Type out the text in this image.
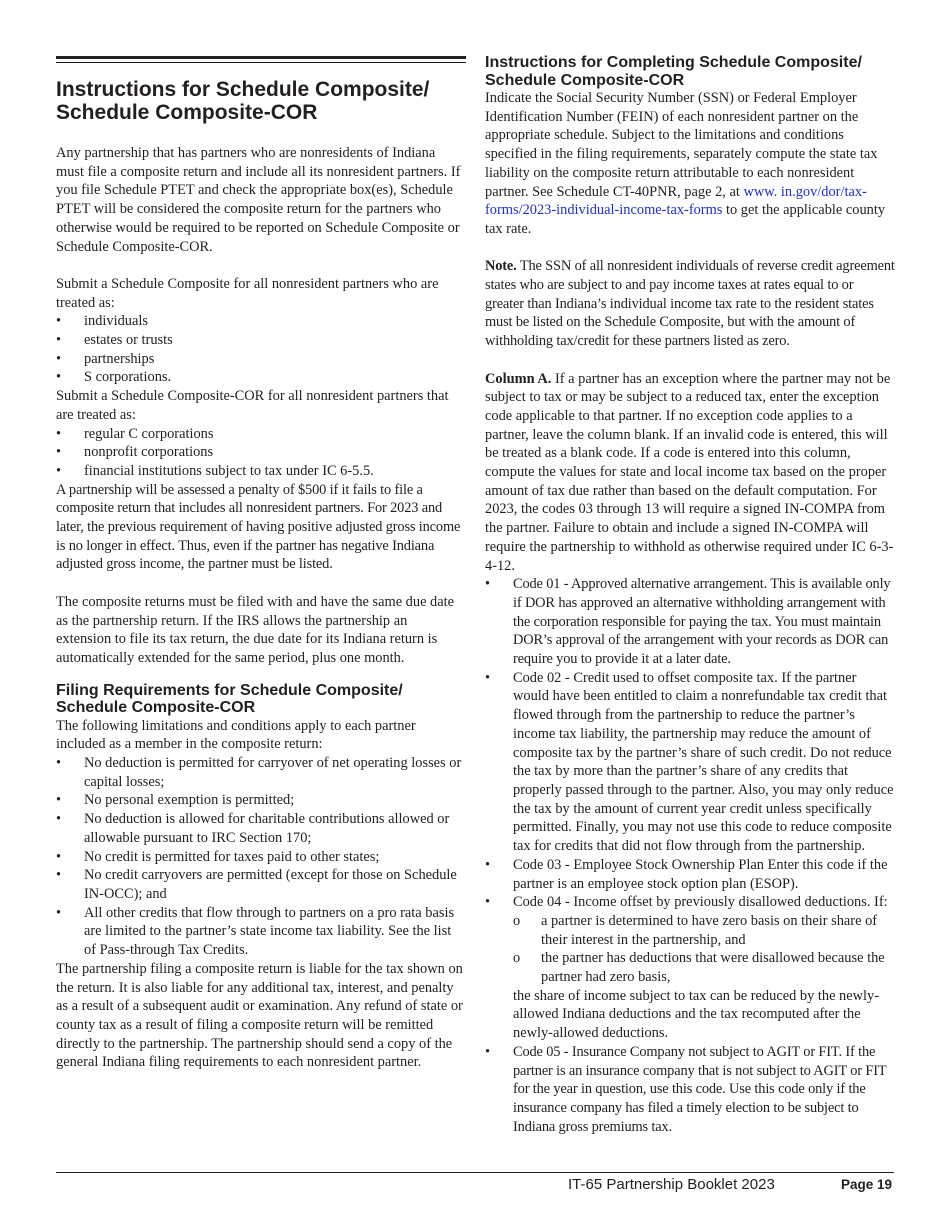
Instructions for Schedule Composite/ Schedule Composite-COR

Any partnership that has partners who are nonresidents of Indiana must file a composite return and include all its nonresident partners. If you file Schedule PTET and check the appropriate box(es), Schedule PTET will be considered the composite return for the partners who otherwise would be required to be reported on Schedule Composite or Schedule Composite-COR.

Submit a Schedule Composite for all nonresident partners who are treated as:

• individuals
• estates or trusts
• partnerships
• S corporations.

Submit a Schedule Composite-COR for all nonresident partners that are treated as:

• regular C corporations
• nonprofit corporations
• financial institutions subject to tax under IC 6-5.5.

A partnership will be assessed a penalty of $500 if it fails to file a composite return that includes all nonresident partners. For 2023 and later, the previous requirement of having positive adjusted gross income is no longer in effect. Thus, even if the partner has negative Indiana adjusted gross income, the partner must be listed.

The composite returns must be filed with and have the same due date as the partnership return. If the IRS allows the partnership an extension to file its tax return, the due date for its Indiana return is automatically extended for the same period, plus one month.

Filing Requirements for Schedule Composite/ Schedule Composite-COR

The following limitations and conditions apply to each partner included as a member in the composite return:

• No deduction is permitted for carryover of net operating losses or capital losses;
• No personal exemption is permitted;
• No deduction is allowed for charitable contributions allowed or allowable pursuant to IRC Section 170;
• No credit is permitted for taxes paid to other states;
• No credit carryovers are permitted (except for those on Schedule IN-OCC); and
• All other credits that flow through to partners on a pro rata basis are limited to the partner’s state income tax liability. See the list of Pass-through Tax Credits.

The partnership filing a composite return is liable for the tax shown on the return. It is also liable for any additional tax, interest, and penalty as a result of a subsequent audit or examination. Any refund of state or county tax as a result of filing a composite return will be remitted directly to the partnership. The partnership should send a copy of the general Indiana filing requirements to each nonresident partner.

Instructions for Completing Schedule Composite/ Schedule Composite-COR

Indicate the Social Security Number (SSN) or Federal Employer Identification Number (FEIN) of each nonresident partner on the appropriate schedule. Subject to the limitations and conditions specified in the filing requirements, separately compute the state tax liability on the composite return attributable to each nonresident partner. See Schedule CT-40PNR, page 2, at www. in.gov/dor/tax-forms/2023-individual-income-tax-forms to get the applicable county tax rate.

Note. The SSN of all nonresident individuals of reverse credit agreement states who are subject to and pay income taxes at rates equal to or greater than Indiana’s individual income tax rate to the resident states must be listed on the Schedule Composite, but with the amount of withholding tax/credit for these partners listed as zero.

Column A. If a partner has an exception where the partner may not be subject to tax or may be subject to a reduced tax, enter the exception code applicable to that partner. If no exception code applies to a partner, leave the column blank. If an invalid code is entered, this will be treated as a blank code. If a code is entered into this column, compute the values for state and local income tax based on the proper amount of tax due rather than based on the default computation. For 2023, the codes 03 through 13 will require a signed IN-COMPA from the partner. Failure to obtain and include a signed IN-COMPA will require the partnership to withhold as otherwise required under IC 6-3-4-12.

• Code 01 - Approved alternative arrangement. This is available only if DOR has approved an alternative withholding arrangement with the corporation responsible for paying the tax. You must maintain DOR’s approval of the arrangement with your records as DOR can require you to provide it at a later date.
• Code 02 - Credit used to offset composite tax. If the partner would have been entitled to claim a nonrefundable tax credit that flowed through from the partnership to reduce the partner’s income tax liability, the partnership may reduce the amount of composite tax by the partner’s share of such credit. Do not reduce the tax by more than the partner’s share of any credits that properly passed through to the partner. Also, you may only reduce the tax by the amount of current year credit unless specifically permitted. Finally, you may not use this code to reduce composite tax for credits that did not flow through from the partnership.
• Code 03 - Employee Stock Ownership Plan Enter this code if the partner is an employee stock option plan (ESOP).
• Code 04 - Income offset by previously disallowed deductions. If:
o a partner is determined to have zero basis on their share of their interest in the partnership, and
o the partner has deductions that were disallowed because the partner had zero basis,

the share of income subject to tax can be reduced by the newly-allowed Indiana deductions and the tax recomputed after the newly-allowed deductions.

• Code 05 - Insurance Company not subject to AGIT or FIT. If the partner is an insurance company that is not subject to AGIT or FIT for the year in question, use this code. Use this code only if the insurance company has filed a timely election to be subject to Indiana gross premiums tax.
IT-65 Partnership Booklet 2023	Page 19
